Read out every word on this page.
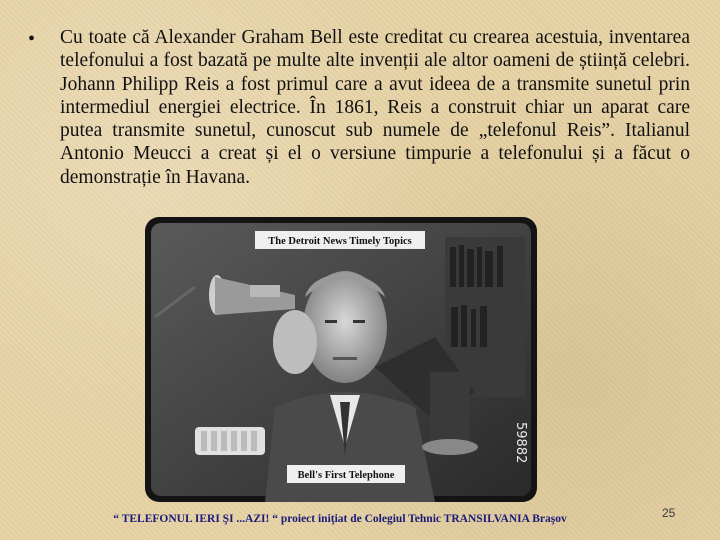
• Cu toate că Alexander Graham Bell este creditat cu crearea acestuia, inventarea telefonului a fost bazată pe multe alte invenții ale altor oameni de știință celebri. Johann Philipp Reis a fost primul care a avut ideea de a transmite sunetul prin intermediul energiei electrice. În 1861, Reis a construit chiar un aparat care putea transmite sunetul, cunoscut sub numele de „telefonul Reis”. Italianul Antonio Meucci a creat și el o versiune timpurie a telefonului și a făcut o demonstrație în Havana.
The Detroit News Timely Topics
59882
Bell's First Telephone
“ TELEFONUL IERI ŞI ...AZI! “ proiect iniţiat de Colegiul Tehnic TRANSILVANIA Braşov	25
